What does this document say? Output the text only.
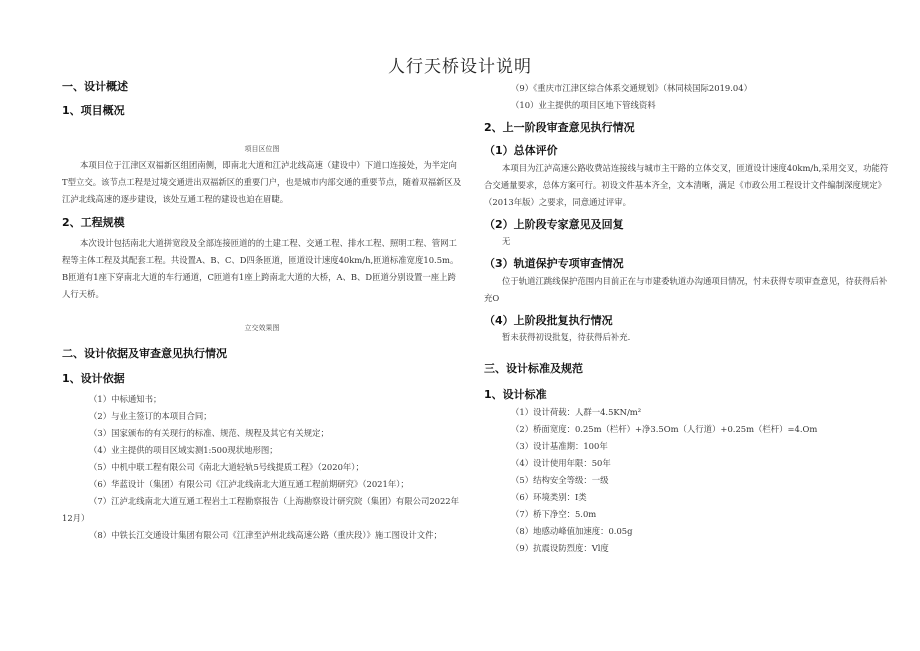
人行天桥设计说明
一、设计概述
1、项目概况

项目区位图

本项目位于江津区双福新区组团南侧，即南北大道和江泸北线高速（建设中）下道口连接处，为半定向T型立交。该节点工程是过境交通进出双福新区的重要门户，也是城市内部交通的重要节点，随着双福新区及江泸北线高速的逐步建设，该处互通工程的建设也迫在眉睫。

2、工程规模

本次设计包括南北大道拼宽段及全部连接匝道的的土建工程、交通工程、排水工程、照明工程、管网工程等主体工程及其配套工程。共设置A、B、C、D四条匝道，匝道设计速度40km/h,匝道标准宽度10.5m。B匝道有1座下穿南北大道的车行通道，C匝道有1座上跨南北大道的大桥，A、B、D匝道分别设置一座上跨人行天桥。

立交效果图

二、设计依据及审查意见执行情况
1、设计依据

（1）中标通知书；

（2）与业主签订的本项目合同；

（3）国家颁布的有关现行的标准、规范、规程及其它有关规定；

（4）业主提供的项目区域实测1:500现状地形图；

（5）中机中联工程有限公司《南北大道轻轨5号线提质工程》（2020年）；

（6）华蓝设计（集团）有限公司《江泸北线南北大道互通工程前期研究》（2021年）；

（7）江泸北线南北大道互通工程岩土工程勘察报告（上海勘察设计研究院（集团）有限公司2022年12月）

（8）中铁长江交通设计集团有限公司《江津至泸州北线高速公路（重庆段）》施工图设计文件；

（9）《重庆市江津区综合体系交通规划》（林同棪国际2019.04）

（10）业主提供的项目区地下管线资料

2、上一阶段审查意见执行情况
（1）总体评价

本项目为江泸高速公路收费站连接线与城市主干路的立体交叉，匝道设计速度40km/h,采用交叉，功能符合交通量要求，总体方案可行。初设文件基本齐全，文本清晰，满足《市政公用工程设计文件编制深度规定》（2013年版）之要求，同意通过评审。

（2）上阶段专家意见及回复

无

（3）轨道保护专项审查情况

位于轨道江跳线保护范围内目前正在与市建委轨道办沟通项目情况，忖未获得专项审查意见，待获得后补充O

（4）上阶段批复执行情况

暂未获得初设批复，待获得后补充.

三、设计标准及规范
1、设计标准

（1）设计荷载：人群一4.5KN/m²

（2）桥面宽度：0.25m（栏杆）+净3.5Om（人行道）+0.25m（栏杆）=4.Om

（3）设计基准期：100年

（4）设计使用年限：50年

（5）结构安全等级：一级

（6）环境类别：I类

（7）桥下净空：5.0m

（8）地感动峰值加速度：0.05g

（9）抗震设防烈度：Vl度
